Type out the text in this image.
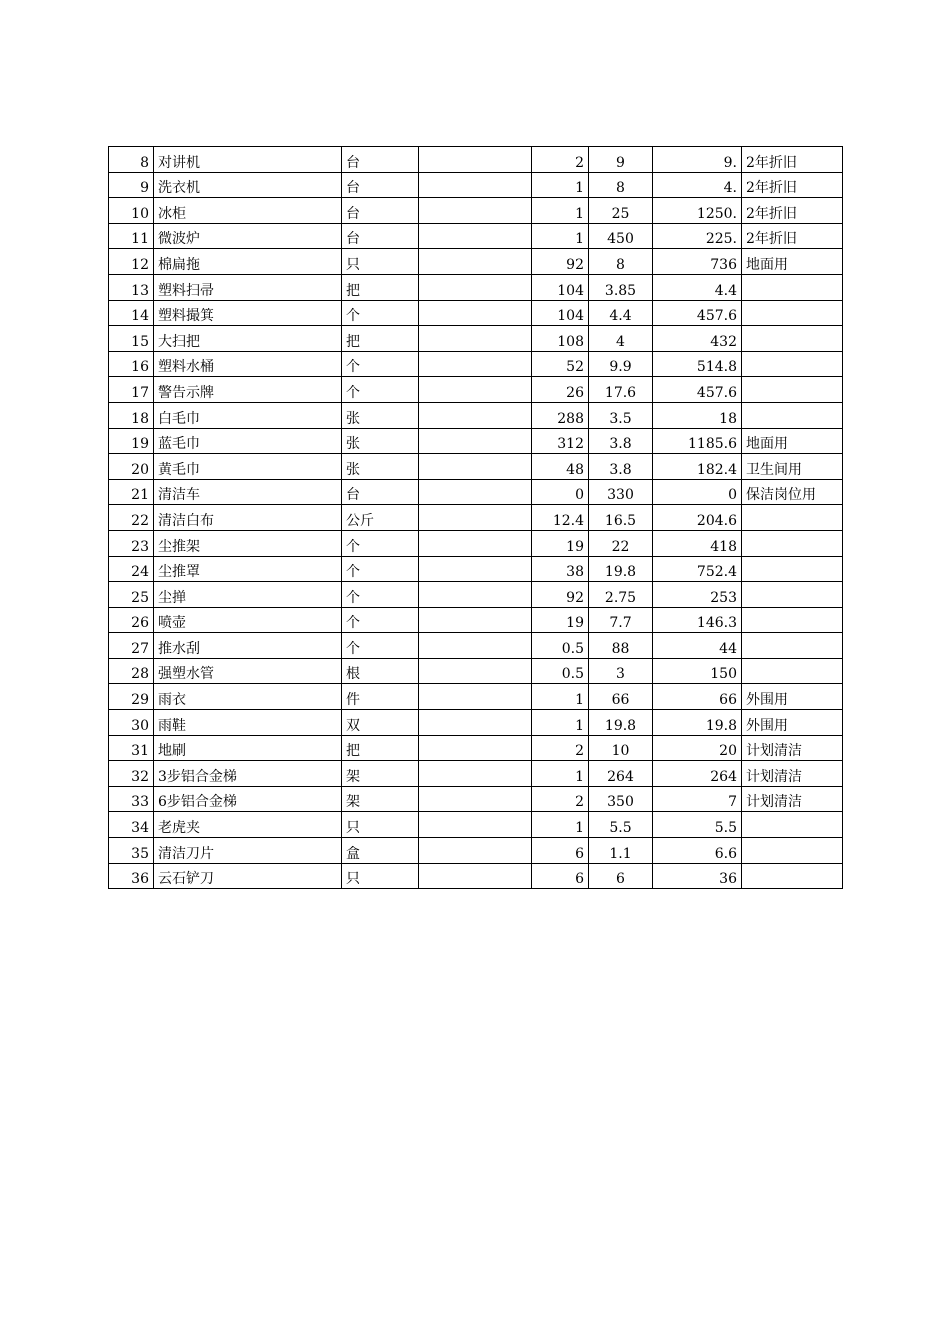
8	对讲机	台		2	9	9.	2年折旧
9	洗衣机	台		1	8	4.	2年折旧
10	冰柜	台		1	25	1250.	2年折旧
11	微波炉	台		1	450	225.	2年折旧
12	棉扁拖	只		92	8	736	地面用
13	塑料扫帚	把		104	3.85	4.4	
14	塑料撮箕	个		104	4.4	457.6	
15	大扫把	把		108	4	432	
16	塑料水桶	个		52	9.9	514.8	
17	警告示牌	个		26	17.6	457.6	
18	白毛巾	张		288	3.5	18	
19	蓝毛巾	张		312	3.8	1185.6	地面用
20	黄毛巾	张		48	3.8	182.4	卫生间用
21	清洁车	台		0	330	0	保洁岗位用
22	清洁白布	公斤		12.4	16.5	204.6	
23	尘推架	个		19	22	418	
24	尘推罩	个		38	19.8	752.4	
25	尘掸	个		92	2.75	253	
26	喷壶	个		19	7.7	146.3	
27	推水刮	个		0.5	88	44	
28	强塑水管	根		0.5	3	150	
29	雨衣	件		1	66	66	外围用
30	雨鞋	双		1	19.8	19.8	外围用
31	地刷	把		2	10	20	计划清洁
32	3步铝合金梯	架		1	264	264	计划清洁
33	6步铝合金梯	架		2	350	7	计划清洁
34	老虎夹	只		1	5.5	5.5	
35	清洁刀片	盒		6	1.1	6.6	
36	云石铲刀	只		6	6	36	
